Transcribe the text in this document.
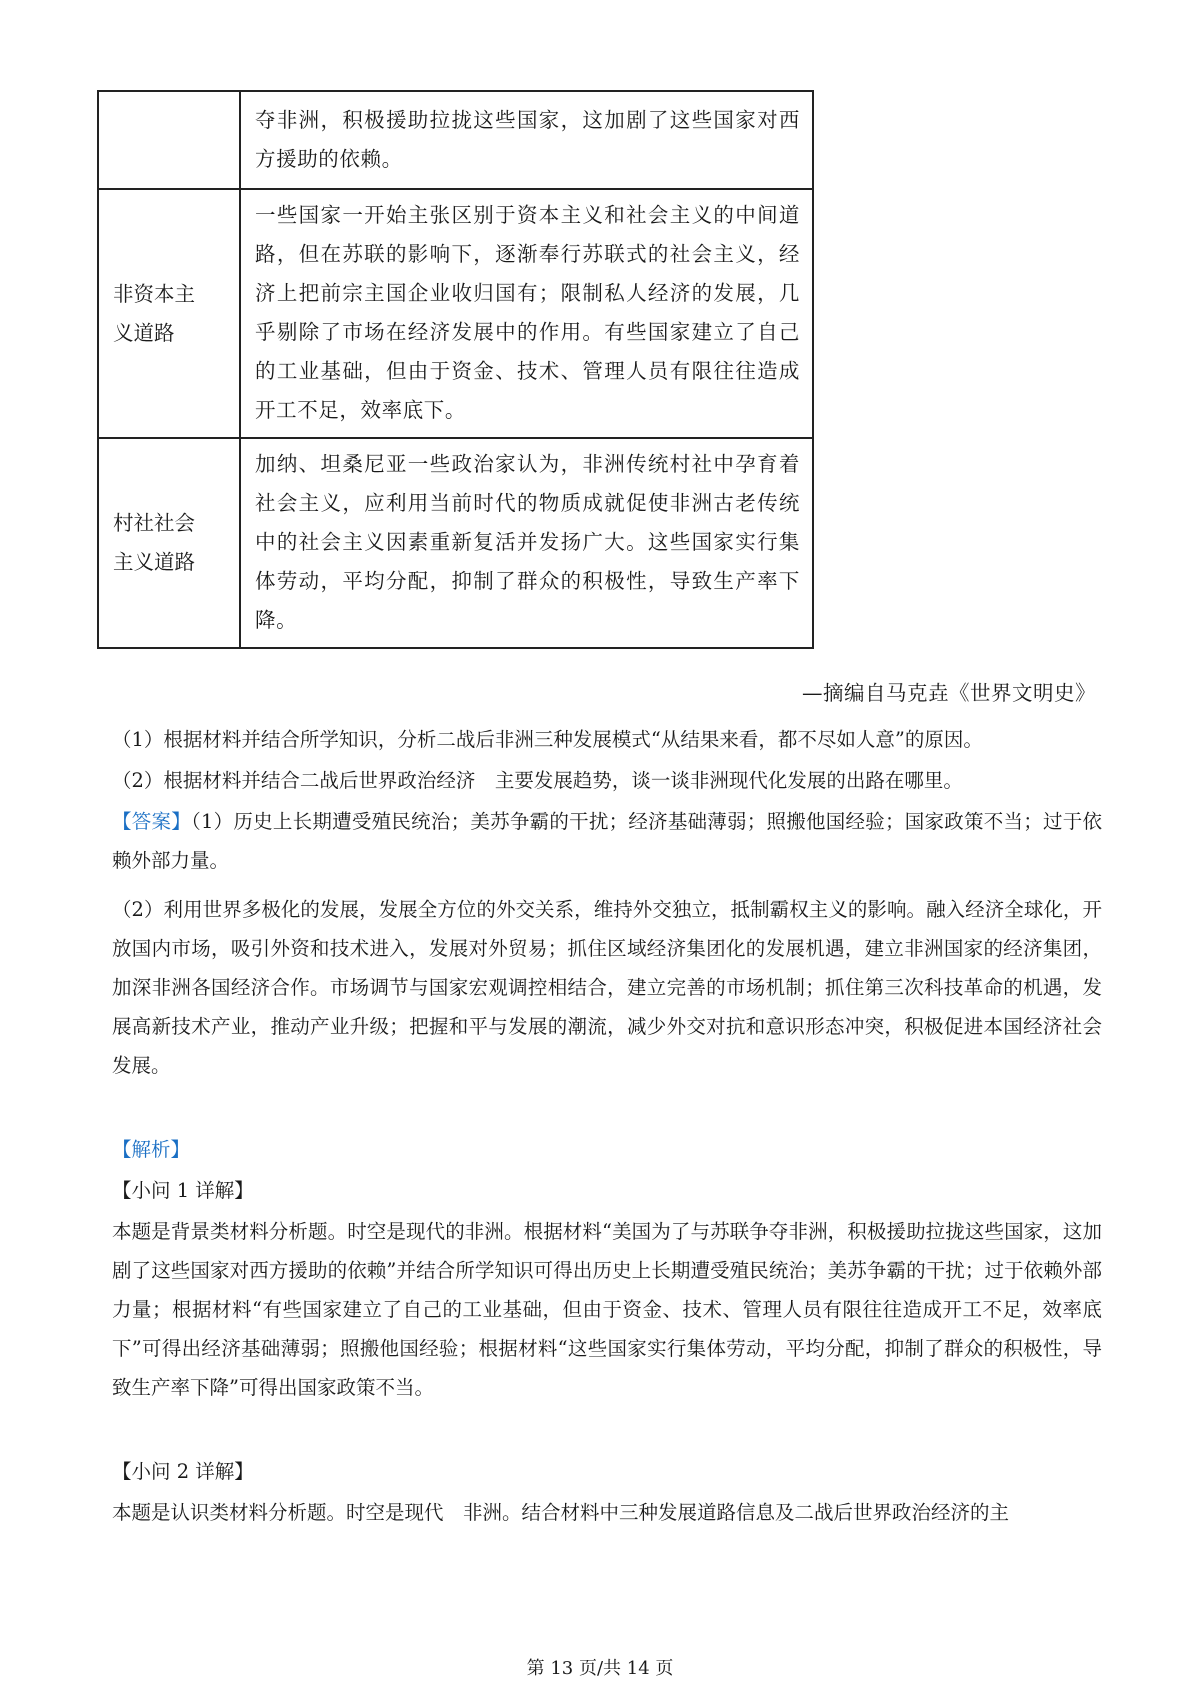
	夺非洲，积极援助拉拢这些国家，这加剧了这些国家对西方援助的依赖。

非资本主义道路	一些国家一开始主张区别于资本主义和社会主义的中间道路，但在苏联的影响下，逐渐奉行苏联式的社会主义，经济上把前宗主国企业收归国有；限制私人经济的发展，几乎剔除了市场在经济发展中的作用。有些国家建立了自己的工业基础，但由于资金、技术、管理人员有限往往造成开工不足，效率底下。

村社社会主义道路	加纳、坦桑尼亚一些政治家认为，非洲传统村社中孕育着社会主义，应利用当前时代的物质成就促使非洲古老传统中的社会主义因素重新复活并发扬广大。这些国家实行集体劳动，平均分配，抑制了群众的积极性，导致生产率下降。
—摘编自马克垚《世界文明史》
（1）根据材料并结合所学知识，分析二战后非洲三种发展模式“从结果来看，都不尽如人意”的原因。
（2）根据材料并结合二战后世界政治经济　主要发展趋势，谈一谈非洲现代化发展的出路在哪里。
【答案】（1）历史上长期遭受殖民统治；美苏争霸的干扰；经济基础薄弱；照搬他国经验；国家政策不当；过于依赖外部力量。
（2）利用世界多极化的发展，发展全方位的外交关系，维持外交独立，抵制霸权主义的影响。融入经济全球化，开放国内市场，吸引外资和技术进入，发展对外贸易；抓住区域经济集团化的发展机遇，建立非洲国家的经济集团，加深非洲各国经济合作。市场调节与国家宏观调控相结合，建立完善的市场机制；抓住第三次科技革命的机遇，发展高新技术产业，推动产业升级；把握和平与发展的潮流，减少外交对抗和意识形态冲突，积极促进本国经济社会发展。
【解析】
【小问 1 详解】
本题是背景类材料分析题。时空是现代的非洲。根据材料“美国为了与苏联争夺非洲，积极援助拉拢这些国家，这加剧了这些国家对西方援助的依赖”并结合所学知识可得出历史上长期遭受殖民统治；美苏争霸的干扰；过于依赖外部力量；根据材料“有些国家建立了自己的工业基础，但由于资金、技术、管理人员有限往往造成开工不足，效率底下”可得出经济基础薄弱；照搬他国经验；根据材料“这些国家实行集体劳动，平均分配，抑制了群众的积极性，导致生产率下降”可得出国家政策不当。
【小问 2 详解】
本题是认识类材料分析题。时空是现代　非洲。结合材料中三种发展道路信息及二战后世界政治经济的主
第 13 页/共 14 页
